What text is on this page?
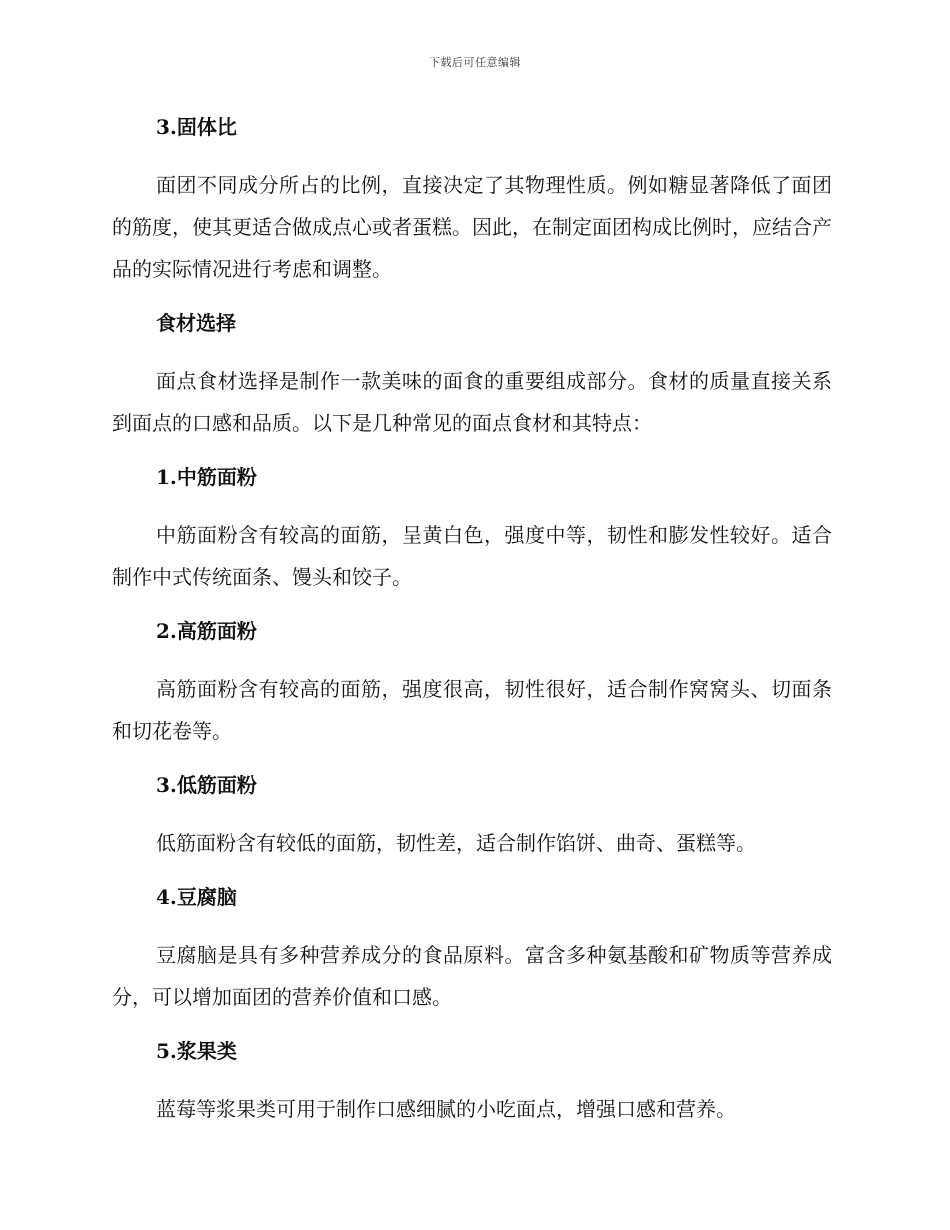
下载后可任意编辑
3.固体比

面团不同成分所占的比例，直接决定了其物理性质。例如糖显著降低了面团的筋度，使其更适合做成点心或者蛋糕。因此，在制定面团构成比例时，应结合产品的实际情况进行考虑和调整。

食材选择

面点食材选择是制作一款美味的面食的重要组成部分。食材的质量直接关系到面点的口感和品质。以下是几种常见的面点食材和其特点：

1.中筋面粉

中筋面粉含有较高的面筋，呈黄白色，强度中等，韧性和膨发性较好。适合制作中式传统面条、馒头和饺子。

2.高筋面粉

高筋面粉含有较高的面筋，强度很高，韧性很好，适合制作窝窝头、切面条和切花卷等。

3.低筋面粉

低筋面粉含有较低的面筋，韧性差，适合制作馅饼、曲奇、蛋糕等。

4.豆腐脑

豆腐脑是具有多种营养成分的食品原料。富含多种氨基酸和矿物质等营养成分，可以增加面团的营养价值和口感。

5.浆果类

蓝莓等浆果类可用于制作口感细腻的小吃面点，增强口感和营养。
